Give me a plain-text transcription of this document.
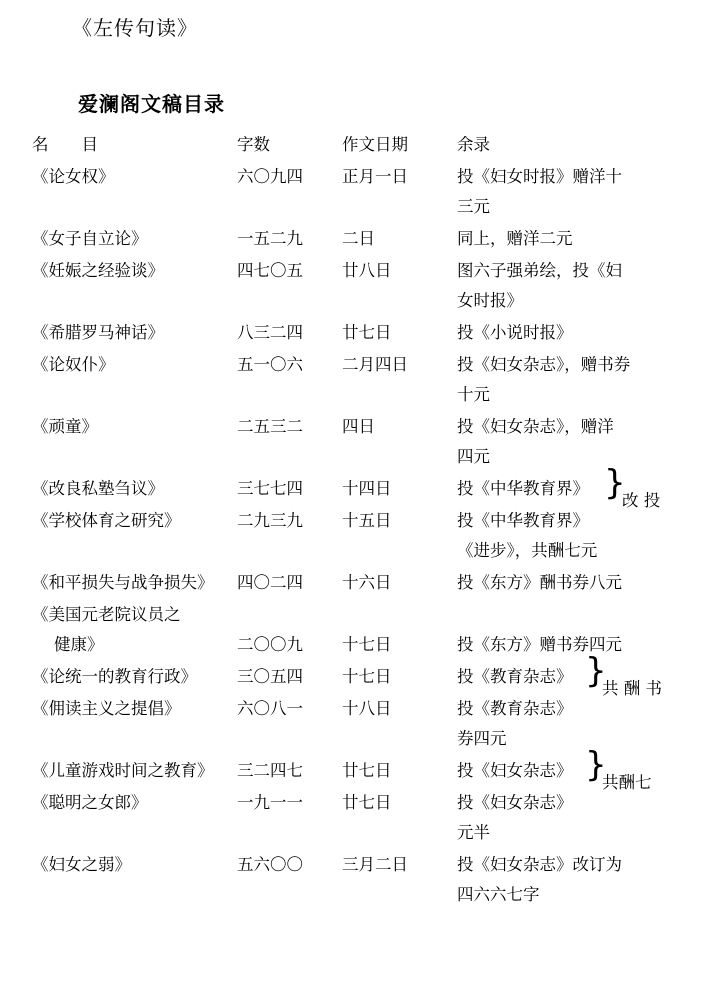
《左传句读》
爱澜阁文稿目录
名　　目	字数	作文日期	余录
《论女权》	六〇九四	正月一日	投《妇女时报》赠洋十
三元
《女子自立论》	一五二九	二日	同上，赠洋二元
《妊娠之经验谈》	四七〇五	廿八日	图六子强弟绘，投《妇
女时报》
《希腊罗马神话》	八三二四	廿七日	投《小说时报》
《论奴仆》	五一〇六	二月四日	投《妇女杂志》，赠书券
十元
《顽童》	二五三二	四日	投《妇女杂志》，赠洋
四元
《改良私塾刍议》	三七七四	十四日	投《中华教育界》
《学校体育之研究》	二九三九	十五日	投《中华教育界》
《进步》，共酬七元
}
改 投
《和平损失与战争损失》	四〇二四	十六日	投《东方》酬书券八元
《美国元老院议员之
健康》	二〇〇九	十七日	投《东方》赠书券四元
《论统一的教育行政》	三〇五四	十七日	投《教育杂志》
《佣读主义之提倡》	六〇八一	十八日	投《教育杂志》
券四元
}
共 酬 书
《儿童游戏时间之教育》	三二四七	廿七日	投《妇女杂志》
《聪明之女郎》	一九一一	廿七日	投《妇女杂志》
元半
}
共酬七
《妇女之弱》	五六〇〇	三月二日	投《妇女杂志》改订为
四六六七字
